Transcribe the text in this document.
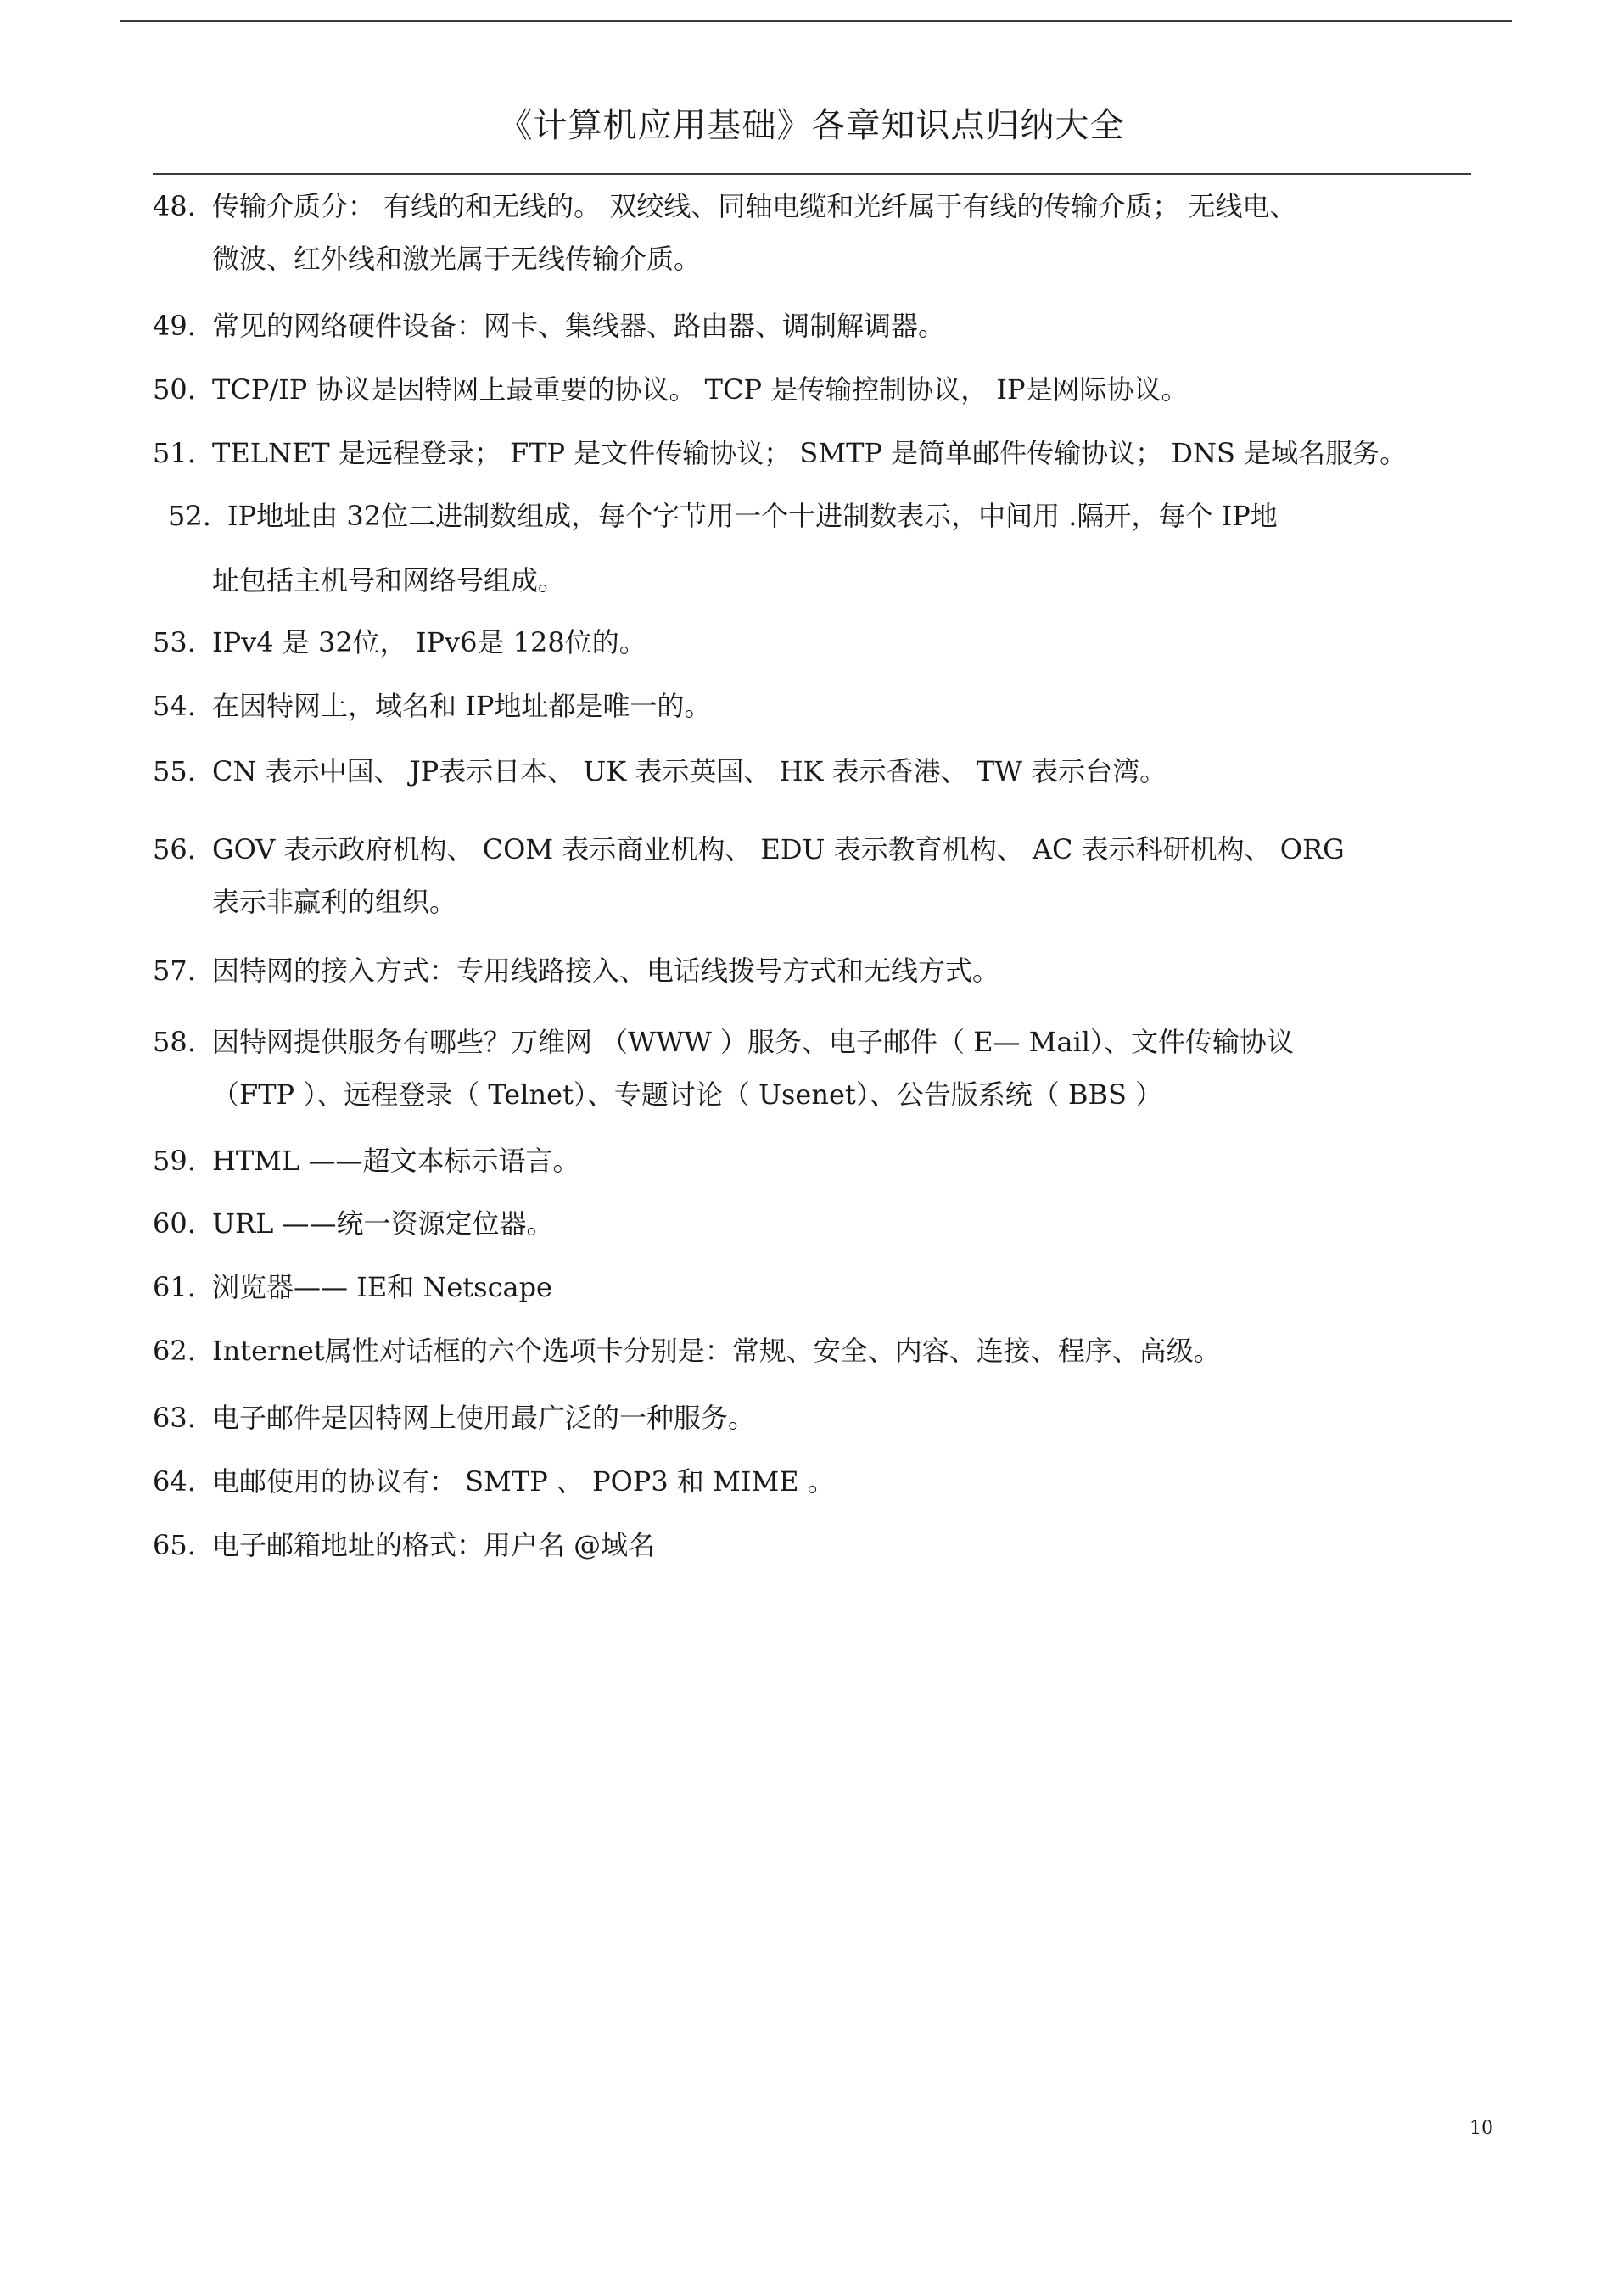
《计算机应用基础》各章知识点归纳大全
48. 传输介质分： 有线的和无线的。 双绞线、同轴电缆和光纤属于有线的传输介质； 无线电、
微波、红外线和激光属于无线传输介质。
49. 常见的网络硬件设备：网卡、集线器、路由器、调制解调器。
50. TCP/IP 协议是因特网上最重要的协议。 TCP 是传输控制协议， IP是网际协议。
51. TELNET 是远程登录； FTP 是文件传输协议； SMTP 是简单邮件传输协议； DNS 是域名服务。
52. IP地址由 32位二进制数组成，每个字节用一个十进制数表示，中间用 .隔开，每个 IP地
址包括主机号和网络号组成。
53. IPv4 是 32位， IPv6是 128位的。
54. 在因特网上，域名和 IP地址都是唯一的。
55. CN 表示中国、 JP表示日本、 UK 表示英国、 HK 表示香港、 TW 表示台湾。
56. GOV 表示政府机构、 COM 表示商业机构、 EDU 表示教育机构、 AC 表示科研机构、 ORG
表示非赢利的组织。
57. 因特网的接入方式：专用线路接入、电话线拨号方式和无线方式。
58. 因特网提供服务有哪些？万维网 （WWW ）服务、电子邮件（ E— Mail）、文件传输协议
（FTP ）、远程登录（ Telnet）、专题讨论（ Usenet）、公告版系统（ BBS ）
59. HTML ——超文本标示语言。
60. URL ——统一资源定位器。
61. 浏览器—— IE和 Netscape
62. Internet属性对话框的六个选项卡分别是：常规、安全、内容、连接、程序、高级。
63. 电子邮件是因特网上使用最广泛的一种服务。
64. 电邮使用的协议有： SMTP 、 POP3 和 MIME 。
65. 电子邮箱地址的格式：用户名 @域名
10
